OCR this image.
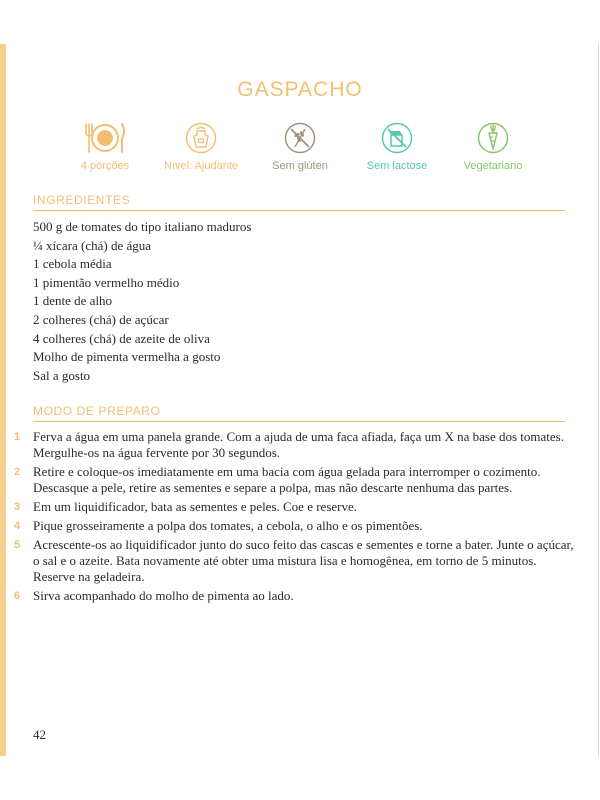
GASPACHO
4 porções	Nível: Ajudante	Sem glúten	Sem lactose	Vegetariano
INGREDIENTES
500 g de tomates do tipo italiano maduros
¼ xícara (chá) de água
1 cebola média
1 pimentão vermelho médio
1 dente de alho
2 colheres (chá) de açúcar
4 colheres (chá) de azeite de oliva
Molho de pimenta vermelha a gosto
Sal a gosto
MODO DE PREPARO
1 Ferva a água em uma panela grande. Com a ajuda de uma faca afiada, faça um X na base dos tomates. Mergulhe-os na água fervente por 30 segundos.
2 Retire e coloque-os imediatamente em uma bacia com água gelada para interromper o cozimento. Descasque a pele, retire as sementes e separe a polpa, mas não descarte nenhuma das partes.
3 Em um liquidificador, bata as sementes e peles. Coe e reserve.
4 Pique grosseiramente a polpa dos tomates, a cebola, o alho e os pimentões.
5 Acrescente-os ao liquidificador junto do suco feito das cascas e sementes e torne a bater. Junte o açúcar, o sal e o azeite. Bata novamente até obter uma mistura lisa e homogênea, em torno de 5 minutos. Reserve na geladeira.
6 Sirva acompanhado do molho de pimenta ao lado.
42
